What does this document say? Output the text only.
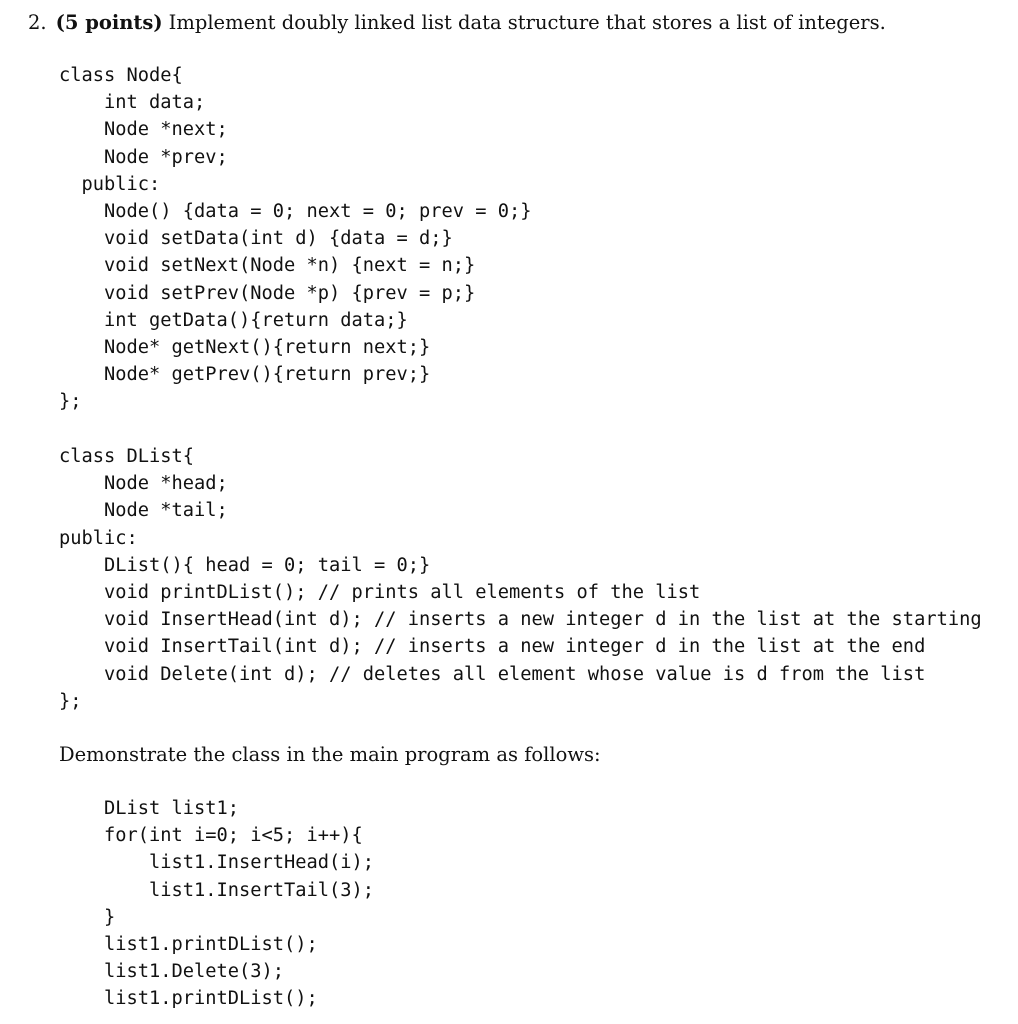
2. (5 points) Implement doubly linked list data structure that stores a list of integers.
class Node{
int data;
Node *next;
Node *prev;
public:
Node() {data = 0; next = 0; prev = 0;}
void setData(int d) {data = d;}
void setNext(Node *n) {next = n;}
void setPrev(Node *p) {prev = p;}
int getData(){return data;}
Node* getNext(){return next;}
Node* getPrev(){return prev;}
};
class DList{
Node *head;
Node *tail;
public:
DList(){ head = 0; tail = 0;}
void printDList(); // prints all elements of the list
void InsertHead(int d); // inserts a new integer d in the list at the starting
void InsertTail(int d); // inserts a new integer d in the list at the end
void Delete(int d); // deletes all element whose value is d from the list
};
Demonstrate the class in the main program as follows:
DList list1;
for(int i=0; i<5; i++){
list1.InsertHead(i);
list1.InsertTail(3);
}
list1.printDList();
list1.Delete(3);
list1.printDList();
